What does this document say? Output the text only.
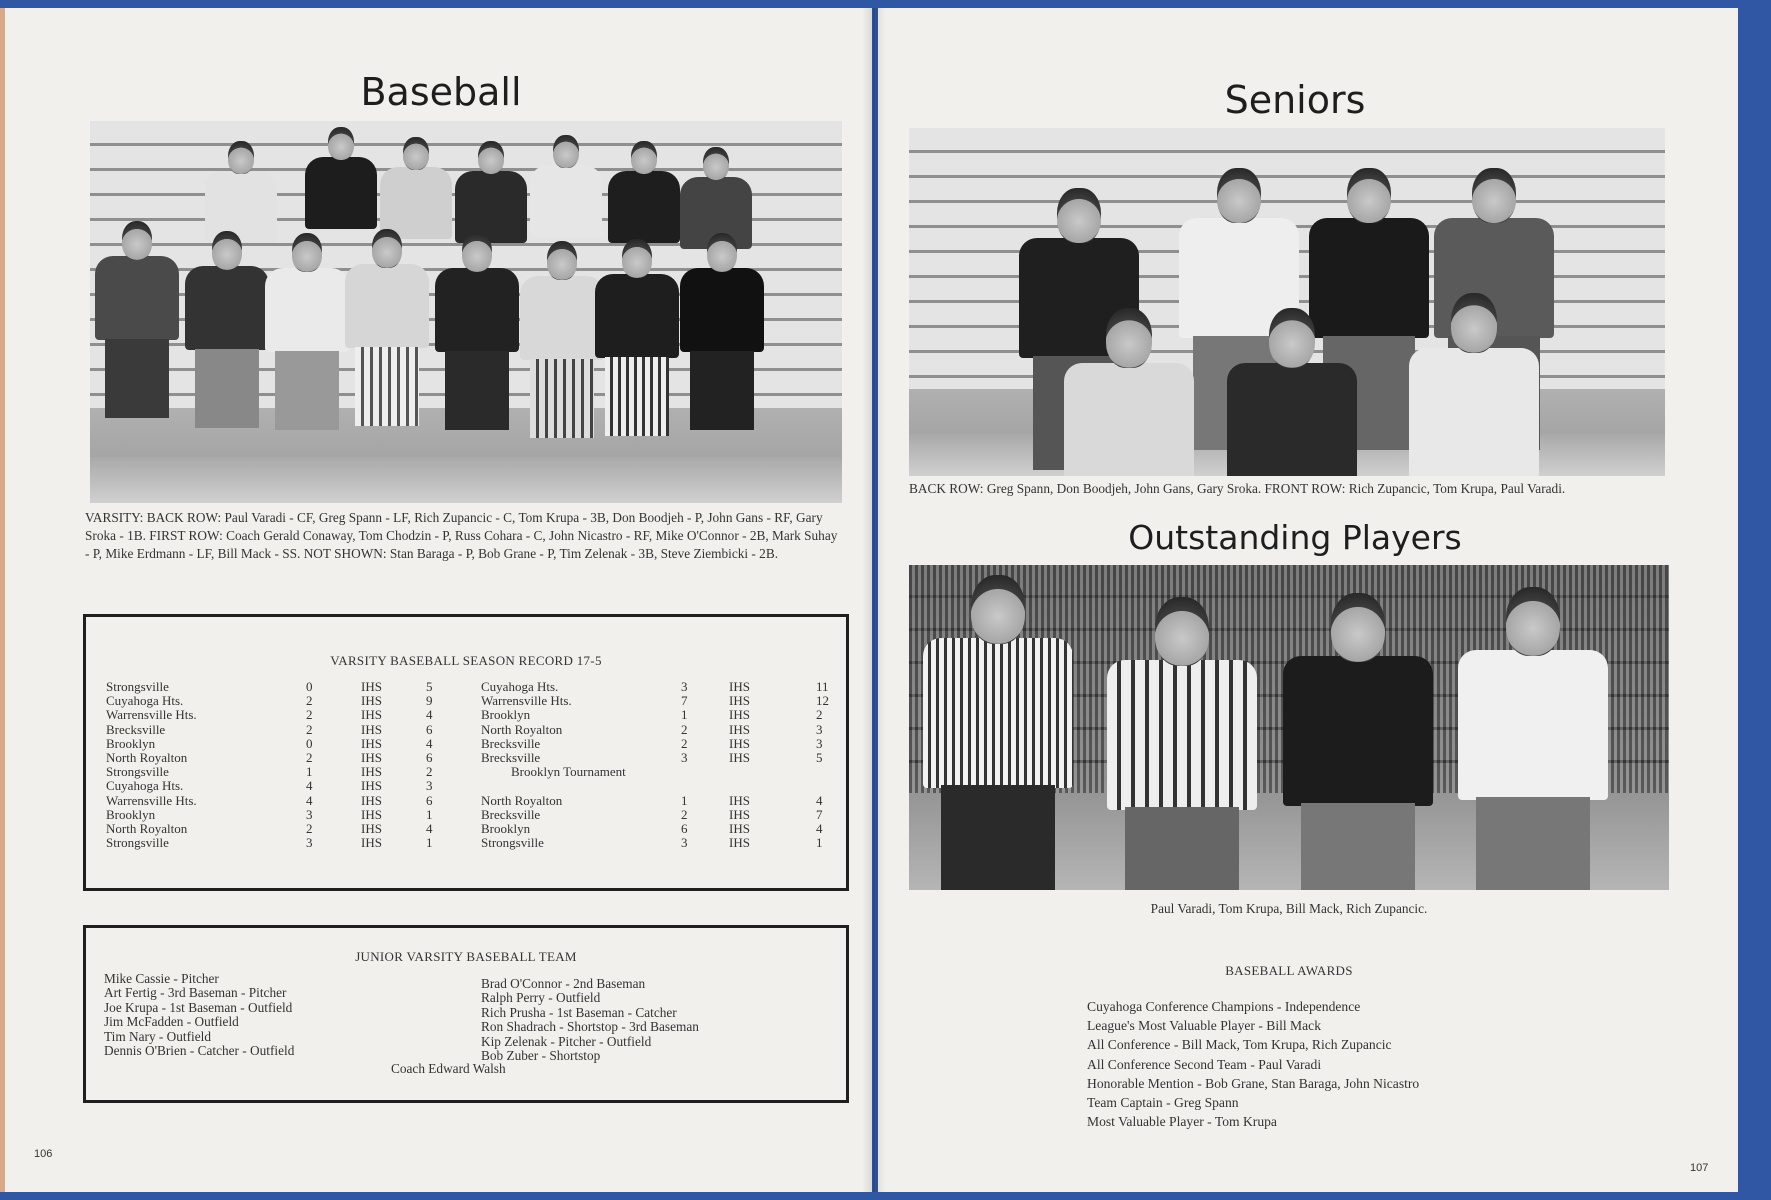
Baseball
VARSITY: BACK ROW: Paul Varadi - CF, Greg Spann - LF, Rich Zupancic - C, Tom Krupa - 3B, Don Boodjeh - P, John Gans - RF, Gary Sroka - 1B. FIRST ROW: Coach Gerald Conaway, Tom Chodzin - P, Russ Cohara - C, John Nicastro - RF, Mike O'Connor - 2B, Mark Suhay - P, Mike Erdmann - LF, Bill Mack - SS. NOT SHOWN: Stan Baraga - P, Bob Grane - P, Tim Zelenak - 3B, Steve Ziembicki - 2B.
VARSITY BASEBALL SEASON RECORD 17-5
Strongsville	0	IHS	5
Cuyahoga Hts.	2	IHS	9
Warrensville Hts.	2	IHS	4
Brecksville	2	IHS	6
Brooklyn	0	IHS	4
North Royalton	2	IHS	6
Strongsville	1	IHS	2
Cuyahoga Hts.	4	IHS	3
Warrensville Hts.	4	IHS	6
Brooklyn	3	IHS	1
North Royalton	2	IHS	4
Strongsville	3	IHS	1
Cuyahoga Hts.	3	IHS	11
Warrensville Hts.	7	IHS	12
Brooklyn	1	IHS	2
North Royalton	2	IHS	3
Brecksville	2	IHS	3
Brecksville	3	IHS	5
Brooklyn Tournament
North Royalton	1	IHS	4
Brecksville	2	IHS	7
Brooklyn	6	IHS	4
Strongsville	3	IHS	1
JUNIOR VARSITY BASEBALL TEAM
Mike Cassie - Pitcher
Art Fertig - 3rd Baseman - Pitcher
Joe Krupa - 1st Baseman - Outfield
Jim McFadden - Outfield
Tim Nary - Outfield
Dennis O'Brien - Catcher - Outfield
Brad O'Connor - 2nd Baseman
Ralph Perry - Outfield
Rich Prusha - 1st Baseman - Catcher
Ron Shadrach - Shortstop - 3rd Baseman
Kip Zelenak - Pitcher - Outfield
Bob Zuber - Shortstop
Coach Edward Walsh
106
Seniors
BACK ROW: Greg Spann, Don Boodjeh, John Gans, Gary Sroka. FRONT ROW: Rich Zupancic, Tom Krupa, Paul Varadi.
Outstanding Players
Paul Varadi, Tom Krupa, Bill Mack, Rich Zupancic.
BASEBALL AWARDS
Cuyahoga Conference Champions - Independence
League's Most Valuable Player - Bill Mack
All Conference - Bill Mack, Tom Krupa, Rich Zupancic
All Conference Second Team - Paul Varadi
Honorable Mention - Bob Grane, Stan Baraga, John Nicastro
Team Captain - Greg Spann
Most Valuable Player - Tom Krupa
107
